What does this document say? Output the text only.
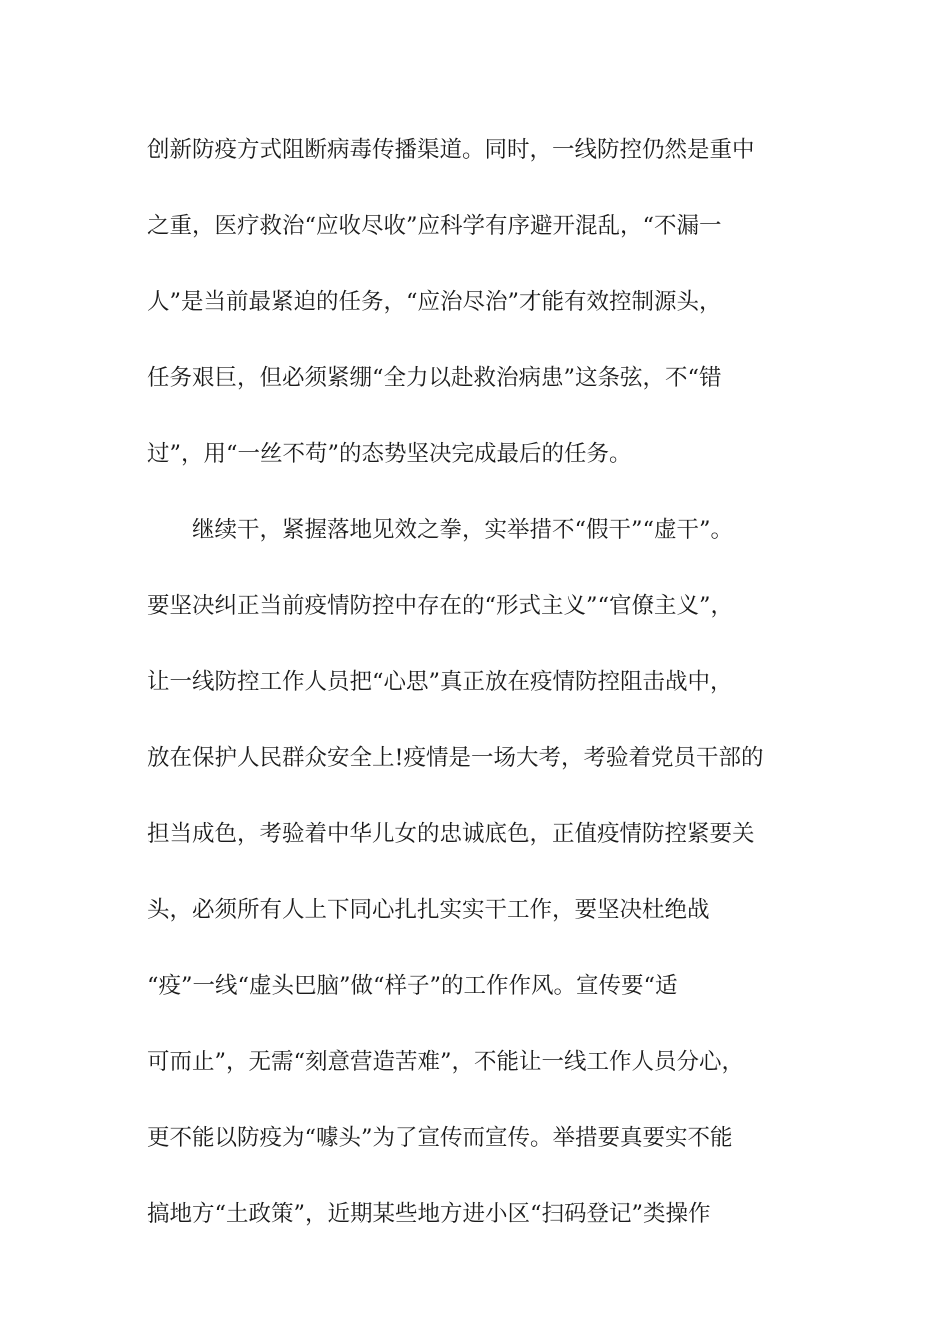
创新防疫方式阻断病毒传播渠道。同时，一线防控仍然是重中
之重，医疗救治“应收尽收”应科学有序避开混乱，“不漏一
人”是当前最紧迫的任务，“应治尽治”才能有效控制源头，
任务艰巨，但必须紧绷“全力以赴救治病患”这条弦，不“错
过”，用“一丝不苟”的态势坚决完成最后的任务。
继续干，紧握落地见效之拳，实举措不“假干”“虚干”。
要坚决纠正当前疫情防控中存在的“形式主义”“官僚主义”，
让一线防控工作人员把“心思”真正放在疫情防控阻击战中，
放在保护人民群众安全上!疫情是一场大考，考验着党员干部的
担当成色，考验着中华儿女的忠诚底色，正值疫情防控紧要关
头，必须所有人上下同心扎扎实实干工作，要坚决杜绝战
“疫”一线“虚头巴脑”做“样子”的工作作风。宣传要“适
可而止”，无需“刻意营造苦难”，不能让一线工作人员分心，
更不能以防疫为“噱头”为了宣传而宣传。举措要真要实不能
搞地方“土政策”，近期某些地方进小区“扫码登记”类操作
